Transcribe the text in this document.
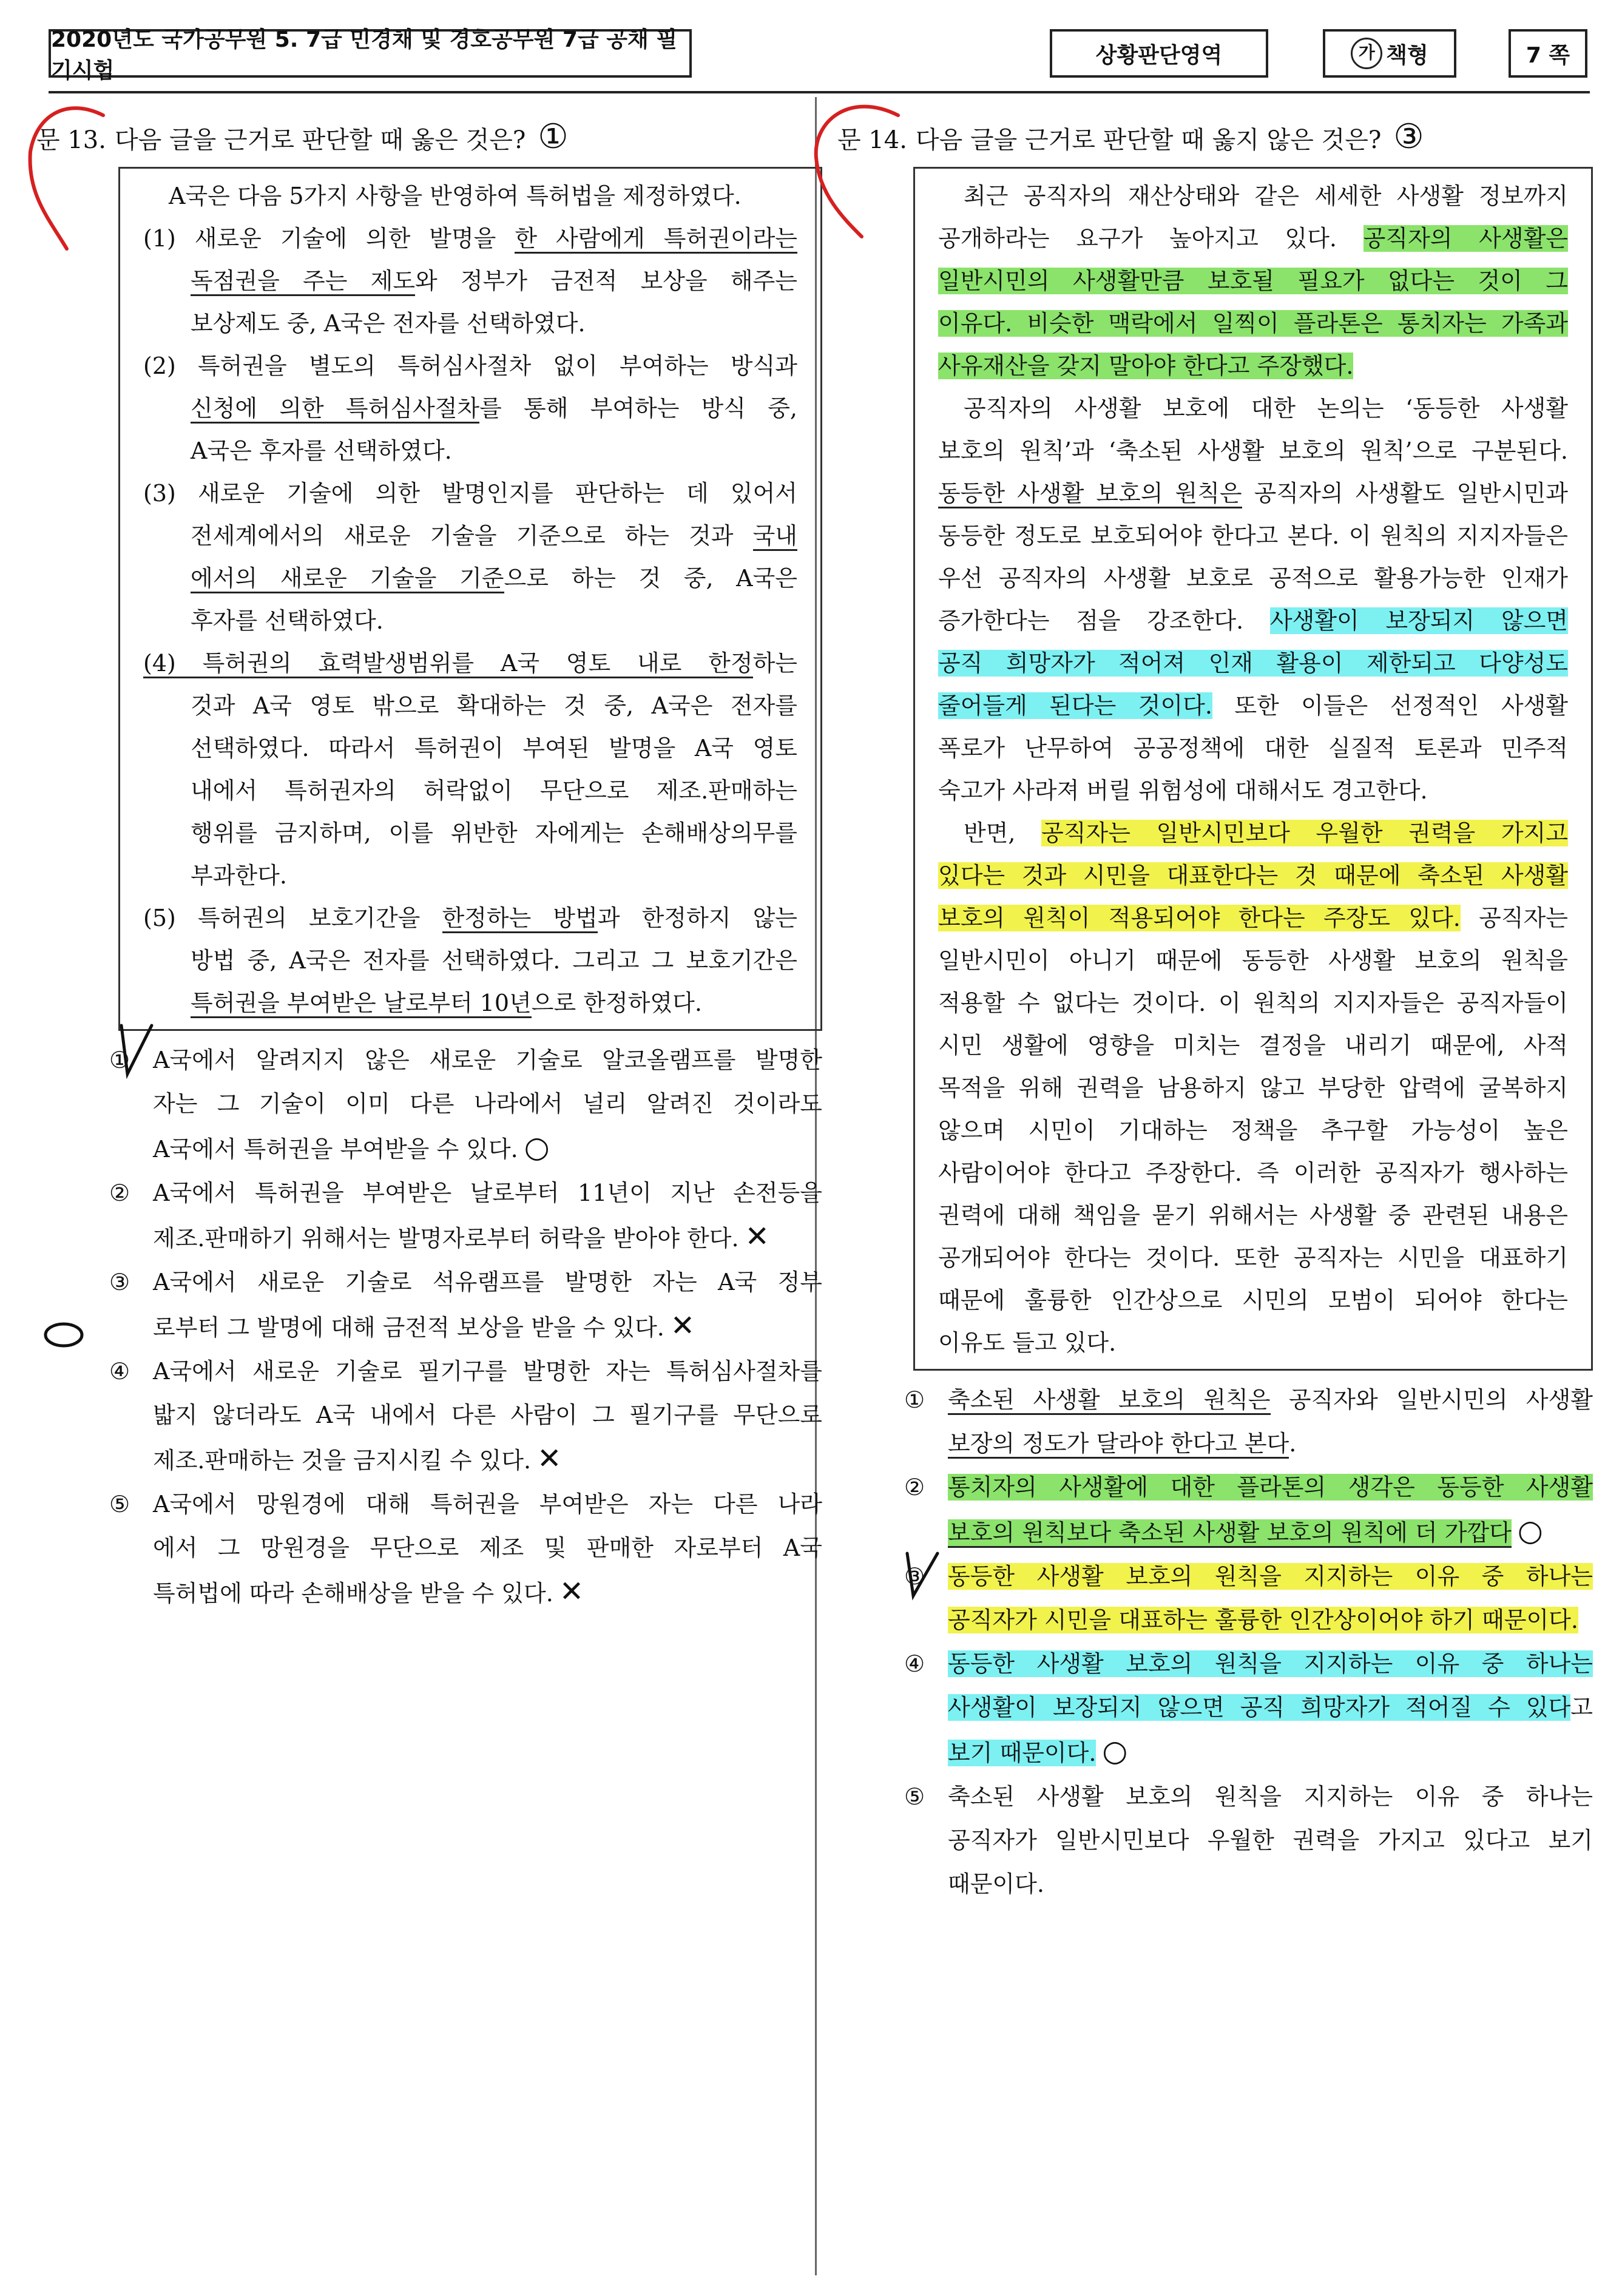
2020년도 국가공무원 5. 7급 민경채 및 경호공무원 7급 공채 필기시험
상황판단영역	가 책형	7 쪽
문 13. 다음 글을 근거로 판단할 때 옳은 것은? ①
A국은 다음 5가지 사항을 반영하여 특허법을 제정하였다.
(1) 새로운 기술에 의한 발명을 한 사람에게 특허권이라는
독점권을 주는 제도와 정부가 금전적 보상을 해주는
보상제도 중, A국은 전자를 선택하였다.
(2) 특허권을 별도의 특허심사절차 없이 부여하는 방식과
신청에 의한 특허심사절차를 통해 부여하는 방식 중,
A국은 후자를 선택하였다.
(3) 새로운 기술에 의한 발명인지를 판단하는 데 있어서
전세계에서의 새로운 기술을 기준으로 하는 것과 국내
에서의 새로운 기술을 기준으로 하는 것 중, A국은
후자를 선택하였다.
(4) 특허권의 효력발생범위를 A국 영토 내로 한정하는
것과 A국 영토 밖으로 확대하는 것 중, A국은 전자를
선택하였다. 따라서 특허권이 부여된 발명을 A국 영토
내에서 특허권자의 허락없이 무단으로 제조.판매하는
행위를 금지하며, 이를 위반한 자에게는 손해배상의무를
부과한다.
(5) 특허권의 보호기간을 한정하는 방법과 한정하지 않는
방법 중, A국은 전자를 선택하였다. 그리고 그 보호기간은
특허권을 부여받은 날로부터 10년으로 한정하였다.
① A국에서 알려지지 않은 새로운 기술로 알코올램프를 발명한
자는 그 기술이 이미 다른 나라에서 널리 알려진 것이라도
A국에서 특허권을 부여받을 수 있다. ○
② A국에서 특허권을 부여받은 날로부터 11년이 지난 손전등을
제조.판매하기 위해서는 발명자로부터 허락을 받아야 한다. ✕
③ A국에서 새로운 기술로 석유램프를 발명한 자는 A국 정부
로부터 그 발명에 대해 금전적 보상을 받을 수 있다. ✕
④ A국에서 새로운 기술로 필기구를 발명한 자는 특허심사절차를
밟지 않더라도 A국 내에서 다른 사람이 그 필기구를 무단으로
제조.판매하는 것을 금지시킬 수 있다. ✕
⑤ A국에서 망원경에 대해 특허권을 부여받은 자는 다른 나라
에서 그 망원경을 무단으로 제조 및 판매한 자로부터 A국
특허법에 따라 손해배상을 받을 수 있다. ✕
문 14. 다음 글을 근거로 판단할 때 옳지 않은 것은? ③
최근 공직자의 재산상태와 같은 세세한 사생활 정보까지
공개하라는 요구가 높아지고 있다. 공직자의 사생활은
일반시민의 사생활만큼 보호될 필요가 없다는 것이 그
이유다. 비슷한 맥락에서 일찍이 플라톤은 통치자는 가족과
사유재산을 갖지 말아야 한다고 주장했다.
공직자의 사생활 보호에 대한 논의는 ‘동등한 사생활
보호의 원칙’과 ‘축소된 사생활 보호의 원칙’으로 구분된다.
동등한 사생활 보호의 원칙은 공직자의 사생활도 일반시민과
동등한 정도로 보호되어야 한다고 본다. 이 원칙의 지지자들은
우선 공직자의 사생활 보호로 공적으로 활용가능한 인재가
증가한다는 점을 강조한다. 사생활이 보장되지 않으면
공직 희망자가 적어져 인재 활용이 제한되고 다양성도
줄어들게 된다는 것이다. 또한 이들은 선정적인 사생활
폭로가 난무하여 공공정책에 대한 실질적 토론과 민주적
숙고가 사라져 버릴 위험성에 대해서도 경고한다.
반면, 공직자는 일반시민보다 우월한 권력을 가지고
있다는 것과 시민을 대표한다는 것 때문에 축소된 사생활
보호의 원칙이 적용되어야 한다는 주장도 있다. 공직자는
일반시민이 아니기 때문에 동등한 사생활 보호의 원칙을
적용할 수 없다는 것이다. 이 원칙의 지지자들은 공직자들이
시민 생활에 영향을 미치는 결정을 내리기 때문에, 사적
목적을 위해 권력을 남용하지 않고 부당한 압력에 굴복하지
않으며 시민이 기대하는 정책을 추구할 가능성이 높은
사람이어야 한다고 주장한다. 즉 이러한 공직자가 행사하는
권력에 대해 책임을 묻기 위해서는 사생활 중 관련된 내용은
공개되어야 한다는 것이다. 또한 공직자는 시민을 대표하기
때문에 훌륭한 인간상으로 시민의 모범이 되어야 한다는
이유도 들고 있다.
① 축소된 사생활 보호의 원칙은 공직자와 일반시민의 사생활
보장의 정도가 달라야 한다고 본다.
② 통치자의 사생활에 대한 플라톤의 생각은 동등한 사생활
보호의 원칙보다 축소된 사생활 보호의 원칙에 더 가깝다 ○
③ 동등한 사생활 보호의 원칙을 지지하는 이유 중 하나는
공직자가 시민을 대표하는 훌륭한 인간상이어야 하기 때문이다.
④ 동등한 사생활 보호의 원칙을 지지하는 이유 중 하나는
사생활이 보장되지 않으면 공직 희망자가 적어질 수 있다고
보기 때문이다. ○
⑤ 축소된 사생활 보호의 원칙을 지지하는 이유 중 하나는
공직자가 일반시민보다 우월한 권력을 가지고 있다고 보기
때문이다.
